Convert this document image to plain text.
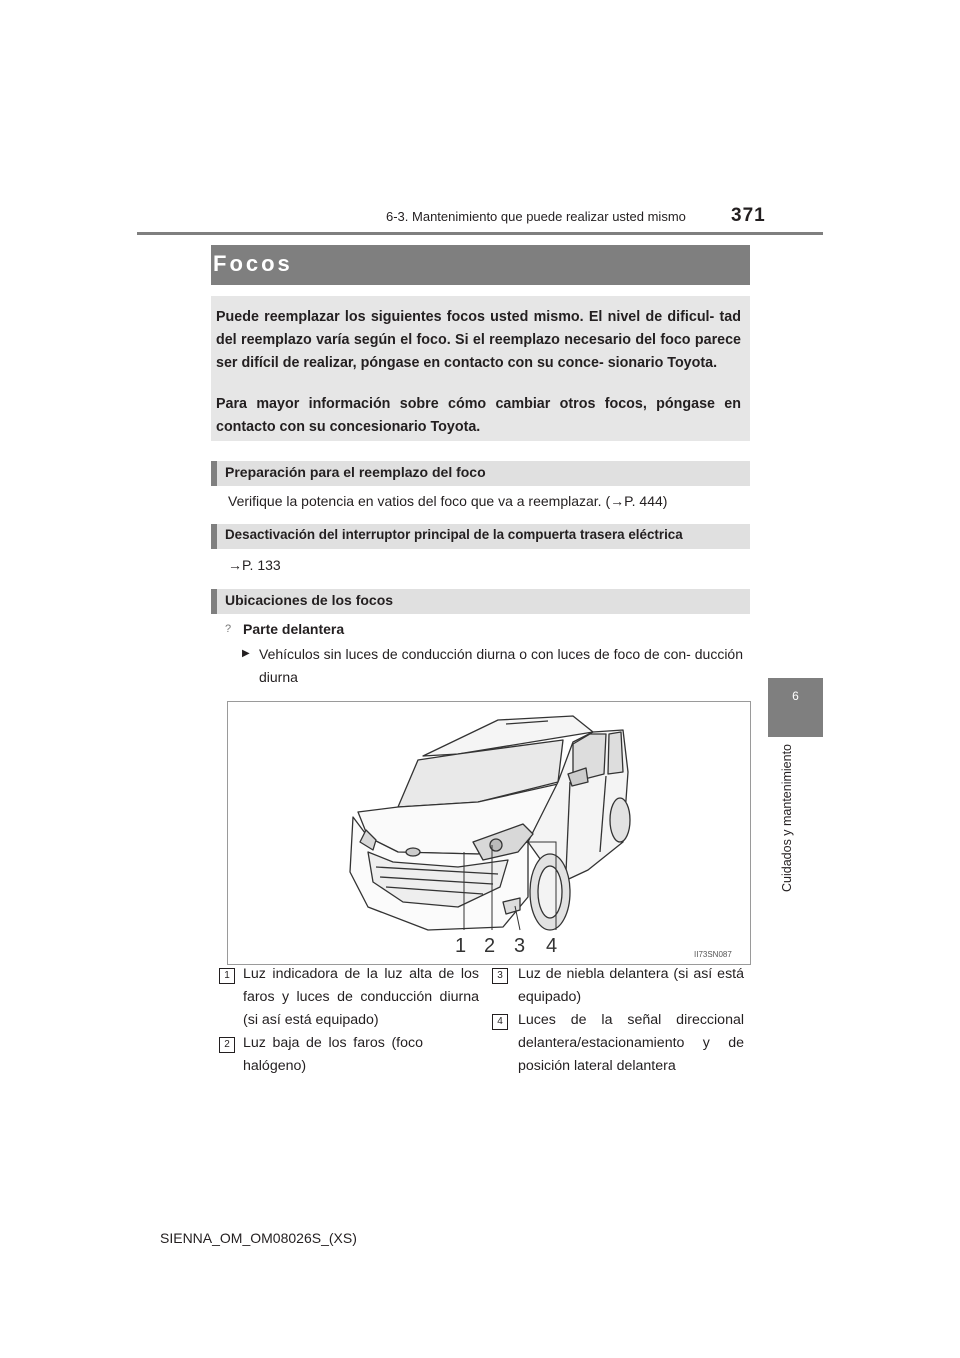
6-3. Mantenimiento que puede realizar usted mismo 371
6
Cuidados y mantenimiento
Focos
Puede reemplazar los siguientes focos usted mismo. El nivel de dificul- tad del reemplazo varía según el foco. Si el reemplazo necesario del foco parece ser difícil de realizar, póngase en contacto con su conce- sionario Toyota.
Para mayor información sobre cómo cambiar otros focos, póngase en contacto con su concesionario Toyota.
Preparación para el reemplazo del foco
Verifique la potencia en vatios del foco que va a reemplazar. (→P. 444)
Desactivación del interruptor principal de la compuerta trasera eléctrica
→P. 133
Ubicaciones de los focos
? Parte delantera
▶ Vehículos sin luces de conducción diurna o con luces de foco de con- ducción diurna
1 2 3 4	II73SN087
1 Luz indicadora de la luz alta de los faros y luces de conducción diurna (si así está equipado)
2 Luz baja de los faros (foco halógeno)
3	Luz de niebla delantera (si así está equipado)
4	Luces de la señal direccional delantera/estacionamiento y de posición lateral delantera
SIENNA_OM_OM08026S_(XS)
